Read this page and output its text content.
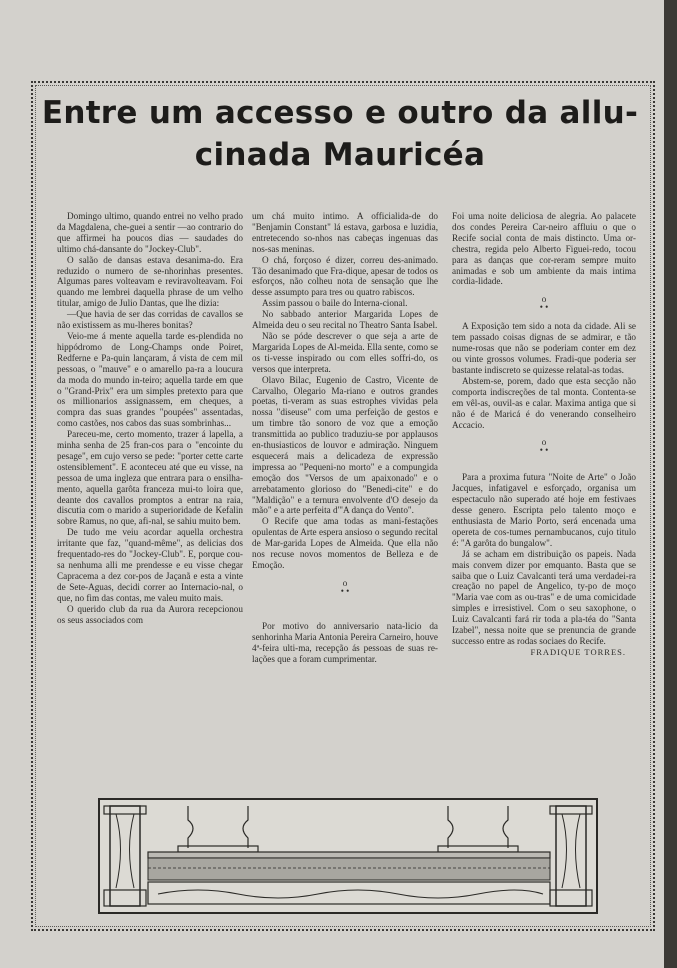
Entre um accesso e outro da allu-
cinada Mauricéa

Domingo ultimo, quando entrei no velho prado da Magdalena, che-guei a sentir —ao contrario do que affirmei ha poucos dias — saudades do ultimo chá-dansante do "Jockey-Club".

O salão de dansas estava desanima-do. Era reduzido o numero de se-nhorinhas presentes. Algumas pares volteavam e reviravolteavam. Foi quando me lembrei daquella phrase de um velho titular, amigo de Julio Dantas, que lhe dizia:

—Que havia de ser das corridas de cavallos se não existissem as mu-lheres bonitas?

Veio-me á mente aquella tarde es-plendida no hippódromo de Long-Champs onde Poiret, Redferne e Pa-quin lançaram, á vista de cem mil pessoas, o "mauve" e o amarello pa-ra a loucura da moda do mundo in-teiro; aquella tarde em que o "Grand-Prix" era um simples pretexto para que os millionarios assignassem, em cheques, a compra das suas grandes "poupées" assentadas, como castões, nos cabos das suas sombrinhas...

Pareceu-me, certo momento, trazer á lapella, a minha senha de 25 fran-cos para o "encointe du pesage", em cujo verso se pede: "porter cette carte ostensiblement". E aconteceu até que eu visse, na pessoa de uma ingleza que entrara para o ensilha-mento, aquella garôta franceza mui-to loira que, deante dos cavallos promptos a entrar na raia, discutia com o marido a superioridade de Kefalin sobre Ramus, no que, afi-nal, se sahiu muito bem.

De tudo me veiu acordar aquella orchestra irritante que faz, "quand-même", as delicias dos frequentado-res do "Jockey-Club". E, porque cou-sa nenhuma alli me prendesse e eu visse chegar Capracema a dez cor-pos de Jaçanã e esta a vinte de Sete-Aguas, decidi correr ao Internacio-nal, o que, no fim das contas, me valeu muito mais.

O querido club da rua da Aurora recepcionou os seus associados com

um chá muito intimo. A officialida-de do "Benjamin Constant" lá estava, garbosa e luzidia, entretecendo so-nhos nas cabeças ingenuas das nos-sas meninas.

O chá, forçoso é dizer, correu des-animado. Tão desanimado que Fra-dique, apesar de todos os esforços, não colheu nota de sensação que lhe desse assumpto para tres ou quatro rabiscos.

Assim passou o baile do Interna-cional.

No sabbado anterior Margarida Lopes de Almeida deu o seu recital no Theatro Santa Isabel.

Não se póde descrever o que seja a arte de Margarida Lopes de Al-meida. Ella sente, como se os ti-vesse inspirado ou com elles soffri-do, os versos que interpreta.

Olavo Bilac, Eugenio de Castro, Vicente de Carvalho, Olegario Ma-riano e outros grandes poetas, ti-veram as suas estrophes vividas pela nossa "diseuse" com uma perfeição de gestos e um timbre tão sonoro de voz que a emoção transmittida ao publico traduziu-se por applausos en-thusiasticos de louvor e admiração. Ninguem esquecerá mais a delicadeza de expressão impressa ao "Pequeni-no morto" e a compungida emoção dos "Versos de um apaixonado" e o arrebatamento glorioso do "Benedi-cite" e do "Maldição" e a ternura envolvente d'O desejo da mão" e a arte perfeita d'"A dança do Vento".

O Recife que ama todas as mani-festações opulentas de Arte espera ansioso o segundo recital de Mar-garida Lopes de Almeida. Que ella não nos recuse novos momentos de Belleza e de Emoção.

o
• •

Por motivo do anniversario nata-licio da senhorinha Maria Antonia Pereira Carneiro, houve 4ª-feira ulti-ma, recepção ás pessoas de suas re-lações que a foram cumprimentar.

Foi uma noite deliciosa de alegria. Ao palacete dos condes Pereira Car-neiro affluiu o que o Recife social conta de mais distincto. Uma or-chestra, regida pelo Alberto Figuei-redo, tocou para as danças que cor-reram sempre muito animadas e sob um ambiente da mais intima cordia-lidade.

o
• •

A Exposição tem sido a nota da cidade. Ali se tem passado coisas dignas de se admirar, e tão nume-rosas que não se poderiam conter em dez ou vinte grossos volumes. Fradi-que poderia ser bastante indiscreto se quizesse relatal-as todas.

Abstem-se, porem, dado que esta secção não comporta indiscreções de tal monta. Contenta-se em vêl-as, ouvil-as e calar. Maxima antiga que si não é de Maricá é do venerando conselheiro Accacio.

o
• •

Para a proxima futura "Noite de Arte" o João Jacques, infatigavel e esforçado, organisa um espectaculo não superado até hoje em festivaes desse genero. Escripta pelo talento moço e enthusiasta de Mario Porto, será encenada uma opereta de cos-tumes pernambucanos, cujo titulo é: "A garôta do bungalow".

Já se acham em distribuição os papeis. Nada mais convem dizer por emquanto. Basta que se saiba que o Luiz Cavalcanti terá uma verdadei-ra creação no papel de Angelico, ty-po de moço "Maria vae com as ou-tras" e de uma comicidade simples e irresistivel. Com o seu saxophone, o Luiz Cavalcanti fará rir toda a pla-téa do "Santa Izabel", nessa noite que se prenuncia de grande successo entre as rodas sociaes do Recife.

FRADIQUE TORRES.
